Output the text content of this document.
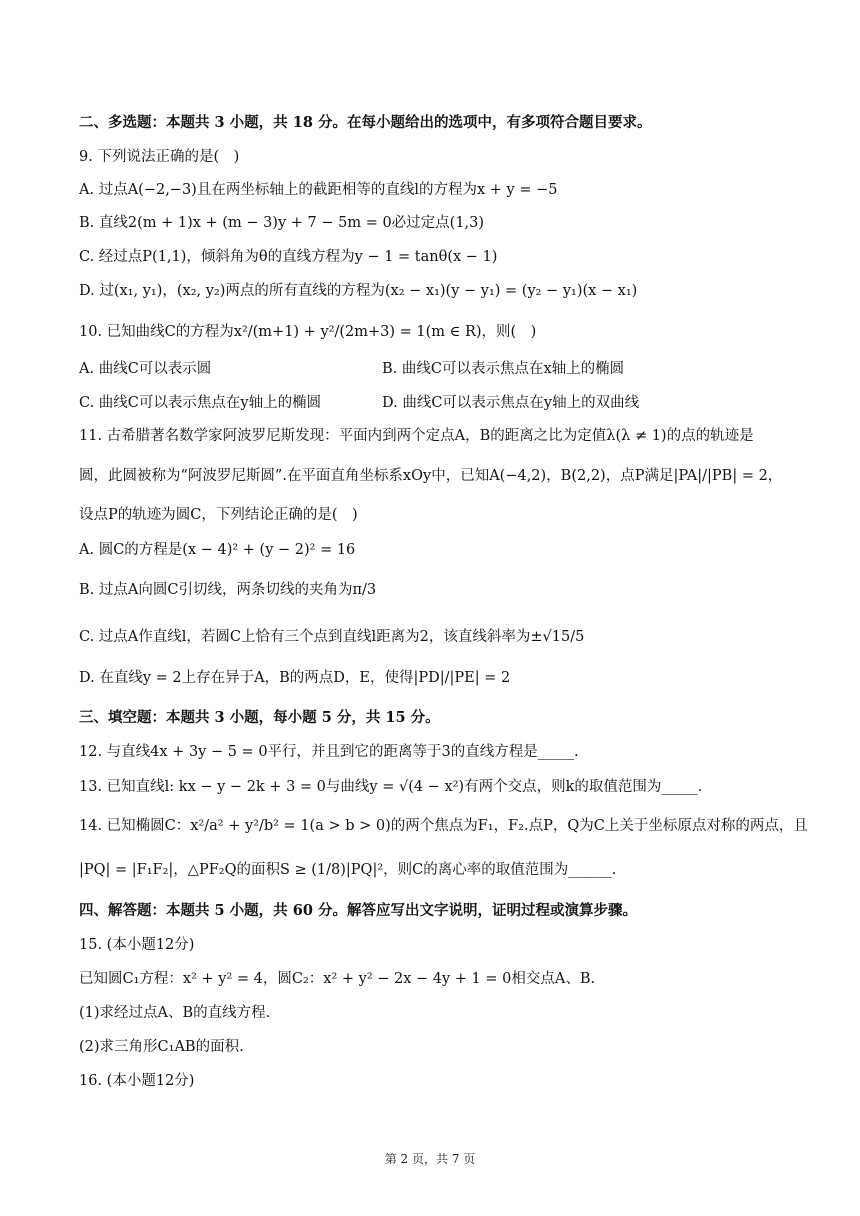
二、多选题：本题共 3 小题，共 18 分。在每小题给出的选项中，有多项符合题目要求。
9. 下列说法正确的是(　)
A. 过点A(−2,−3)且在两坐标轴上的截距相等的直线l的方程为x + y = −5
B. 直线2(m + 1)x + (m − 3)y + 7 − 5m = 0必过定点(1,3)
C. 经过点P(1,1)，倾斜角为θ的直线方程为y − 1 = tanθ(x − 1)
D. 过(x₁, y₁)，(x₂, y₂)两点的所有直线的方程为(x₂ − x₁)(y − y₁) = (y₂ − y₁)(x − x₁)
10. 已知曲线C的方程为x²/(m+1) + y²/(2m+3) = 1(m ∈ R)，则(　)
A. 曲线C可以表示圆	B. 曲线C可以表示焦点在x轴上的椭圆
C. 曲线C可以表示焦点在y轴上的椭圆	D. 曲线C可以表示焦点在y轴上的双曲线
11. 古希腊著名数学家阿波罗尼斯发现：平面内到两个定点A，B的距离之比为定值λ(λ ≠ 1)的点的轨迹是
圆，此圆被称为“阿波罗尼斯圆”.在平面直角坐标系xOy中，已知A(−4,2)，B(2,2)，点P满足|PA|/|PB| = 2，
设点P的轨迹为圆C，下列结论正确的是(　)
A. 圆C的方程是(x − 4)² + (y − 2)² = 16
B. 过点A向圆C引切线，两条切线的夹角为π/3
C. 过点A作直线l，若圆C上恰有三个点到直线l距离为2，该直线斜率为±√15/5
D. 在直线y = 2上存在异于A，B的两点D，E，使得|PD|/|PE| = 2
三、填空题：本题共 3 小题，每小题 5 分，共 15 分。
12. 与直线4x + 3y − 5 = 0平行，并且到它的距离等于3的直线方程是_____.
13. 已知直线l: kx − y − 2k + 3 = 0与曲线y = √(4 − x²)有两个交点，则k的取值范围为_____.
14. 已知椭圆C：x²/a² + y²/b² = 1(a > b > 0)的两个焦点为F₁，F₂.点P，Q为C上关于坐标原点对称的两点，且
|PQ| = |F₁F₂|，△PF₂Q的面积S ≥ (1/8)|PQ|²，则C的离心率的取值范围为______.
四、解答题：本题共 5 小题，共 60 分。解答应写出文字说明，证明过程或演算步骤。
15. (本小题12分)
已知圆C₁方程：x² + y² = 4，圆C₂：x² + y² − 2x − 4y + 1 = 0相交点A、B.
(1)求经过点A、B的直线方程.
(2)求三角形C₁AB的面积.
16. (本小题12分)
第 2 页，共 7 页
